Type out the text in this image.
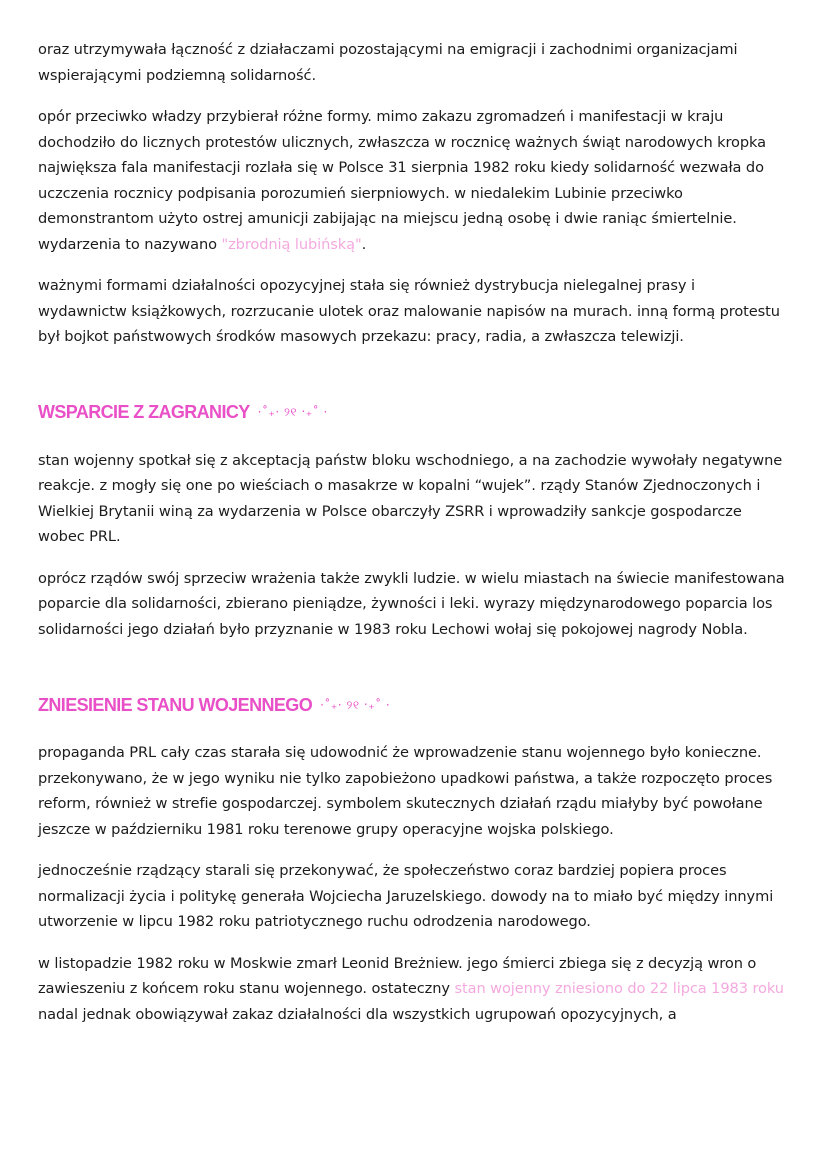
oraz utrzymywała łączność z działaczami pozostającymi na emigracji i zachodnimi organizacjami wspierającymi podziemną solidarność.

opór przeciwko władzy przybierał różne formy. mimo zakazu zgromadzeń i manifestacji w kraju dochodziło do licznych protestów ulicznych, zwłaszcza w rocznicę ważnych świąt narodowych kropka największa fala manifestacji rozlała się w Polsce 31 sierpnia 1982 roku kiedy solidarność wezwała do uczczenia rocznicy podpisania porozumień sierpniowych. w niedalekim Lubinie przeciwko demonstrantom użyto ostrej amunicji zabijając na miejscu jedną osobę i dwie raniąc śmiertelnie. wydarzenia to nazywano "zbrodnią lubińską".

ważnymi formami działalności opozycyjnej stała się również dystrybucja nielegalnej prasy i wydawnictw książkowych, rozrzucanie ulotek oraz malowanie napisów na murach. inną formą protestu był bojkot państwowych środków masowych przekazu: pracy, radia, a zwłaszcza telewizji.

WSPARCIE Z ZAGRANICY ·˚₊· ୨୧ ‧₊˚ ·

stan wojenny spotkał się z akceptacją państw bloku wschodniego, a na zachodzie wywołały negatywne reakcje. z mogły się one po wieściach o masakrze w kopalni “wujek”. rządy Stanów Zjednoczonych i Wielkiej Brytanii winą za wydarzenia w Polsce obarczyły ZSRR i wprowadziły sankcje gospodarcze wobec PRL.

oprócz rządów swój sprzeciw wrażenia także zwykli ludzie. w wielu miastach na świecie manifestowana poparcie dla solidarności, zbierano pieniądze, żywności i leki. wyrazy międzynarodowego poparcia los solidarności jego działań było przyznanie w 1983 roku Lechowi wołaj się pokojowej nagrody Nobla.

ZNIESIENIE STANU WOJENNEGO ·˚₊· ୨୧ ‧₊˚ ·

propaganda PRL cały czas starała się udowodnić że wprowadzenie stanu wojennego było konieczne. przekonywano, że w jego wyniku nie tylko zapobieżono upadkowi państwa, a także rozpoczęto proces reform, również w strefie gospodarczej. symbolem skutecznych działań rządu miałyby być powołane jeszcze w październiku 1981 roku terenowe grupy operacyjne wojska polskiego.

jednocześnie rządzący starali się przekonywać, że społeczeństwo coraz bardziej popiera proces normalizacji życia i politykę generała Wojciecha Jaruzelskiego. dowody na to miało być między innymi utworzenie w lipcu 1982 roku patriotycznego ruchu odrodzenia narodowego.

w listopadzie 1982 roku w Moskwie zmarł Leonid Breżniew. jego śmierci zbiega się z decyzją wron o zawieszeniu z końcem roku stanu wojennego. ostateczny stan wojenny zniesiono do 22 lipca 1983 roku nadal jednak obowiązywał zakaz działalności dla wszystkich ugrupowań opozycyjnych, a
